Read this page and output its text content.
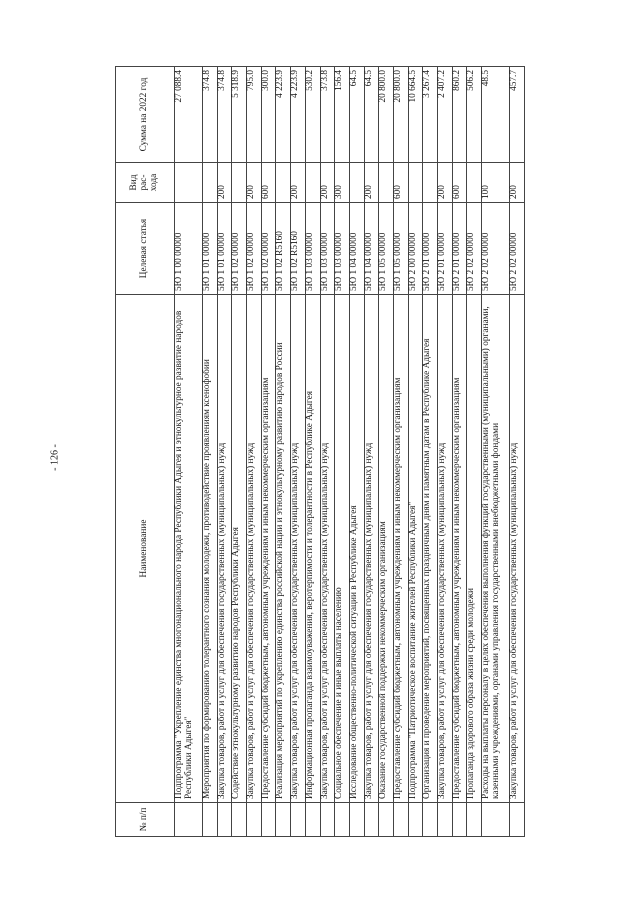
- 126 -
№ п/п	Наименование	Целевая статья	Вид рас-хода	Сумма на 2022 год
	Подпрограмма "Укрепление единства многонационального народа Республики Адыгея и этнокультурное развитие народов Республики Адыгея"	5Ю 1 00 00000		27 088.4
	Мероприятия по формированию толерантного сознания молодежи, противодействие проявлениям ксенофобии	5Ю 1 01 00000		374.8
	Закупка товаров, работ и услуг для обеспечения государственных (муниципальных) нужд	5Ю 1 01 00000	200	374.8
	Содействие этнокультурному развитию народов Республики Адыгея	5Ю 1 02 00000		5 318.9
	Закупка товаров, работ и услуг для обеспечения государственных (муниципальных) нужд	5Ю 1 02 00000	200	795.0
	Предоставление субсидий бюджетным, автономным учреждениям и иным некоммерческим организациям	5Ю 1 02 00000	600	300.0
	Реализация мероприятий по укреплению единства российской нации и этнокультурному развитию народов России	5Ю 1 02 R5160		4 223.9
	Закупка товаров, работ и услуг для обеспечения государственных (муниципальных) нужд	5Ю 1 02 R5160	200	4 223.9
	Информационная пропаганда взаимоуважения, веротерпимости и толерантности в Республике Адыгея	5Ю 1 03 00000		530.2
	Закупка товаров, работ и услуг для обеспечения государственных (муниципальных) нужд	5Ю 1 03 00000	200	373.8
	Социальное обеспечение и иные выплаты населению	5Ю 1 03 00000	300	156.4
	Исследование общественно-политической ситуации в Республике Адыгея	5Ю 1 04 00000		64.5
	Закупка товаров, работ и услуг для обеспечения государственных (муниципальных) нужд	5Ю 1 04 00000	200	64.5
	Оказание государственной поддержки некоммерческим организациям	5Ю 1 05 00000		20 800.0
	Предоставление субсидий бюджетным, автономным учреждениям и иным некоммерческим организациям	5Ю 1 05 00000	600	20 800.0
	Подпрограмма "Патриотическое воспитание жителей Республики Адыгея"	5Ю 2 00 00000		10 664.5
	Организация и проведение мероприятий, посвященных праздничным дням и памятным датам в Республике Адыгея	5Ю 2 01 00000		3 267.4
	Закупка товаров, работ и услуг для обеспечения государственных (муниципальных) нужд	5Ю 2 01 00000	200	2 407.2
	Предоставление субсидий бюджетным, автономным учреждениям и иным некоммерческим организациям	5Ю 2 01 00000	600	860.2
	Пропаганда здорового образа жизни среди молодежи	5Ю 2 02 00000		506.2
	Расходы на выплаты персоналу в целях обеспечения выполнения функций государственными (муниципальными) органами, казенными учреждениями, органами управления государственными внебюджетными фондами	5Ю 2 02 00000	100	48.5
	Закупка товаров, работ и услуг для обеспечения государственных (муниципальных) нужд	5Ю 2 02 00000	200	457.7
